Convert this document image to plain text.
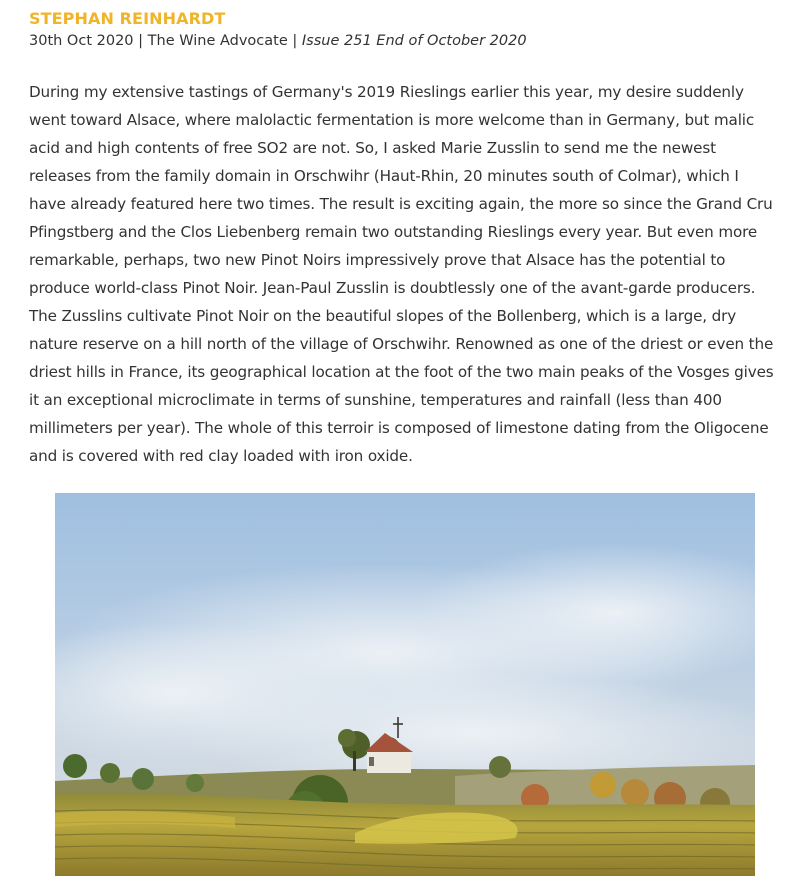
STEPHAN REINHARDT

30th Oct 2020 | The Wine Advocate | Issue 251 End of October 2020

During my extensive tastings of Germany's 2019 Rieslings earlier this year, my desire suddenly went toward Alsace, where malolactic fermentation is more welcome than in Germany, but malic acid and high contents of free SO2 are not. So, I asked Marie Zusslin to send me the newest releases from the family domain in Orschwihr (Haut-Rhin, 20 minutes south of Colmar), which I have already featured here two times. The result is exciting again, the more so since the Grand Cru Pfingstberg and the Clos Liebenberg remain two outstanding Rieslings every year. But even more remarkable, perhaps, two new Pinot Noirs impressively prove that Alsace has the potential to produce world-class Pinot Noir. Jean-Paul Zusslin is doubtlessly one of the avant-garde producers. The Zusslins cultivate Pinot Noir on the beautiful slopes of the Bollenberg, which is a large, dry nature reserve on a hill north of the village of Orschwihr. Renowned as one of the driest or even the driest hills in France, its geographical location at the foot of the two main peaks of the Vosges gives it an exceptional microclimate in terms of sunshine, temperatures and rainfall (less than 400 millimeters per year). The whole of this terroir is composed of limestone dating from the Oligocene and is covered with red clay loaded with iron oxide.
